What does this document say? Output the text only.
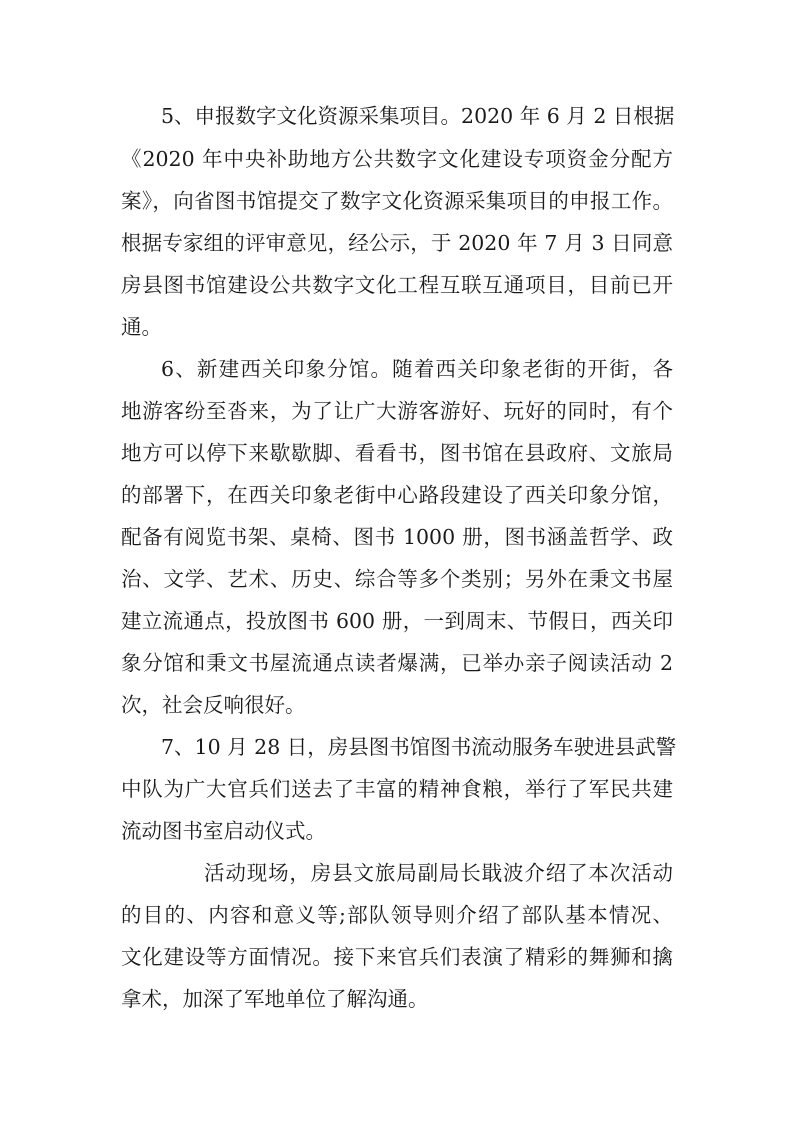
5、申报数字文化资源采集项目。2020 年 6 月 2 日根据
《2020 年中央补助地方公共数字文化建设专项资金分配方
案》，向省图书馆提交了数字文化资源采集项目的申报工作。
根据专家组的评审意见，经公示，于 2020 年 7 月 3 日同意
房县图书馆建设公共数字文化工程互联互通项目，目前已开
通。
6、新建西关印象分馆。随着西关印象老街的开街，各
地游客纷至沓来，为了让广大游客游好、玩好的同时，有个
地方可以停下来歇歇脚、看看书，图书馆在县政府、文旅局
的部署下，在西关印象老街中心路段建设了西关印象分馆，
配备有阅览书架、桌椅、图书 1000 册，图书涵盖哲学、政
治、文学、艺术、历史、综合等多个类别；另外在秉文书屋
建立流通点，投放图书 600 册，一到周末、节假日，西关印
象分馆和秉文书屋流通点读者爆满，已举办亲子阅读活动 2
次，社会反响很好。
7、10 月 28 日，房县图书馆图书流动服务车驶进县武警
中队为广大官兵们送去了丰富的精神食粮，举行了军民共建
流动图书室启动仪式。
活动现场，房县文旅局副局长戢波介绍了本次活动
的目的、内容和意义等;部队领导则介绍了部队基本情况、
文化建设等方面情况。接下来官兵们表演了精彩的舞狮和擒
拿术，加深了军地单位了解沟通。
